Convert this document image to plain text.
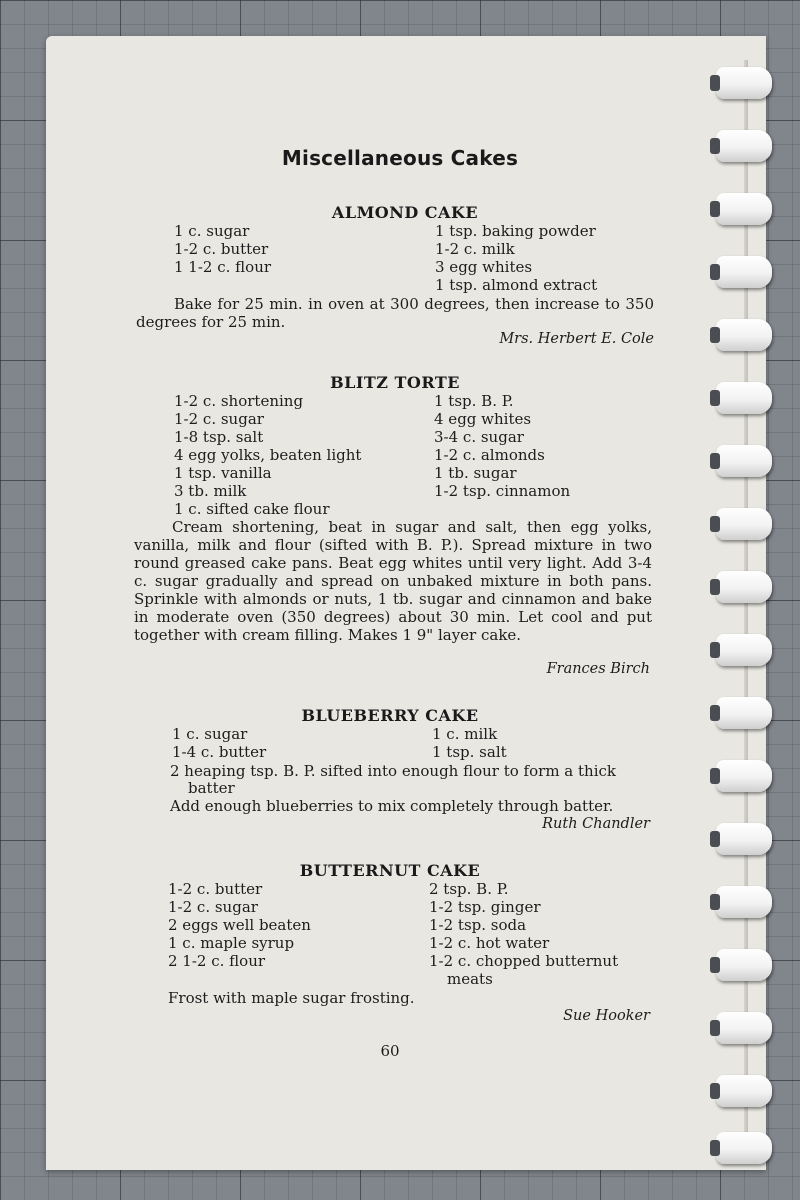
Miscellaneous Cakes
ALMOND CAKE
1 c. sugar
1-2 c. butter
1 1-2 c. flour
1 tsp. baking powder
1-2 c. milk
3 egg whites
1 tsp. almond extract
Bake for 25 min. in oven at 300 degrees, then increase to 350 degrees for 25 min.
Mrs. Herbert E. Cole
BLITZ TORTE
1-2 c. shortening
1-2 c. sugar
1-8 tsp. salt
4 egg yolks, beaten light
1 tsp. vanilla
3 tb. milk
1 c. sifted cake flour
1 tsp. B. P.
4 egg whites
3-4 c. sugar
1-2 c. almonds
1 tb. sugar
1-2 tsp. cinnamon
Cream shortening, beat in sugar and salt, then egg yolks, vanilla, milk and flour (sifted with B. P.). Spread mixture in two round greased cake pans. Beat egg whites until very light. Add 3-4 c. sugar gradually and spread on unbaked mixture in both pans. Sprinkle with almonds or nuts, 1 tb. sugar and cinnamon and bake in moderate oven (350 degrees) about 30 min. Let cool and put together with cream filling. Makes 1 9" layer cake.
Frances Birch
BLUEBERRY CAKE
1 c. sugar
1-4 c. butter
1 c. milk
1 tsp. salt
2 heaping tsp. B. P. sifted into enough flour to form a thick
batter
Add enough blueberries to mix completely through batter.
Ruth Chandler
BUTTERNUT CAKE
1-2 c. butter
1-2 c. sugar
2 eggs well beaten
1 c. maple syrup
2 1-2 c. flour
2 tsp. B. P.
1-2 tsp. ginger
1-2 tsp. soda
1-2 c. hot water
1-2 c. chopped butternut
meats
Frost with maple sugar frosting.
Sue Hooker
60
